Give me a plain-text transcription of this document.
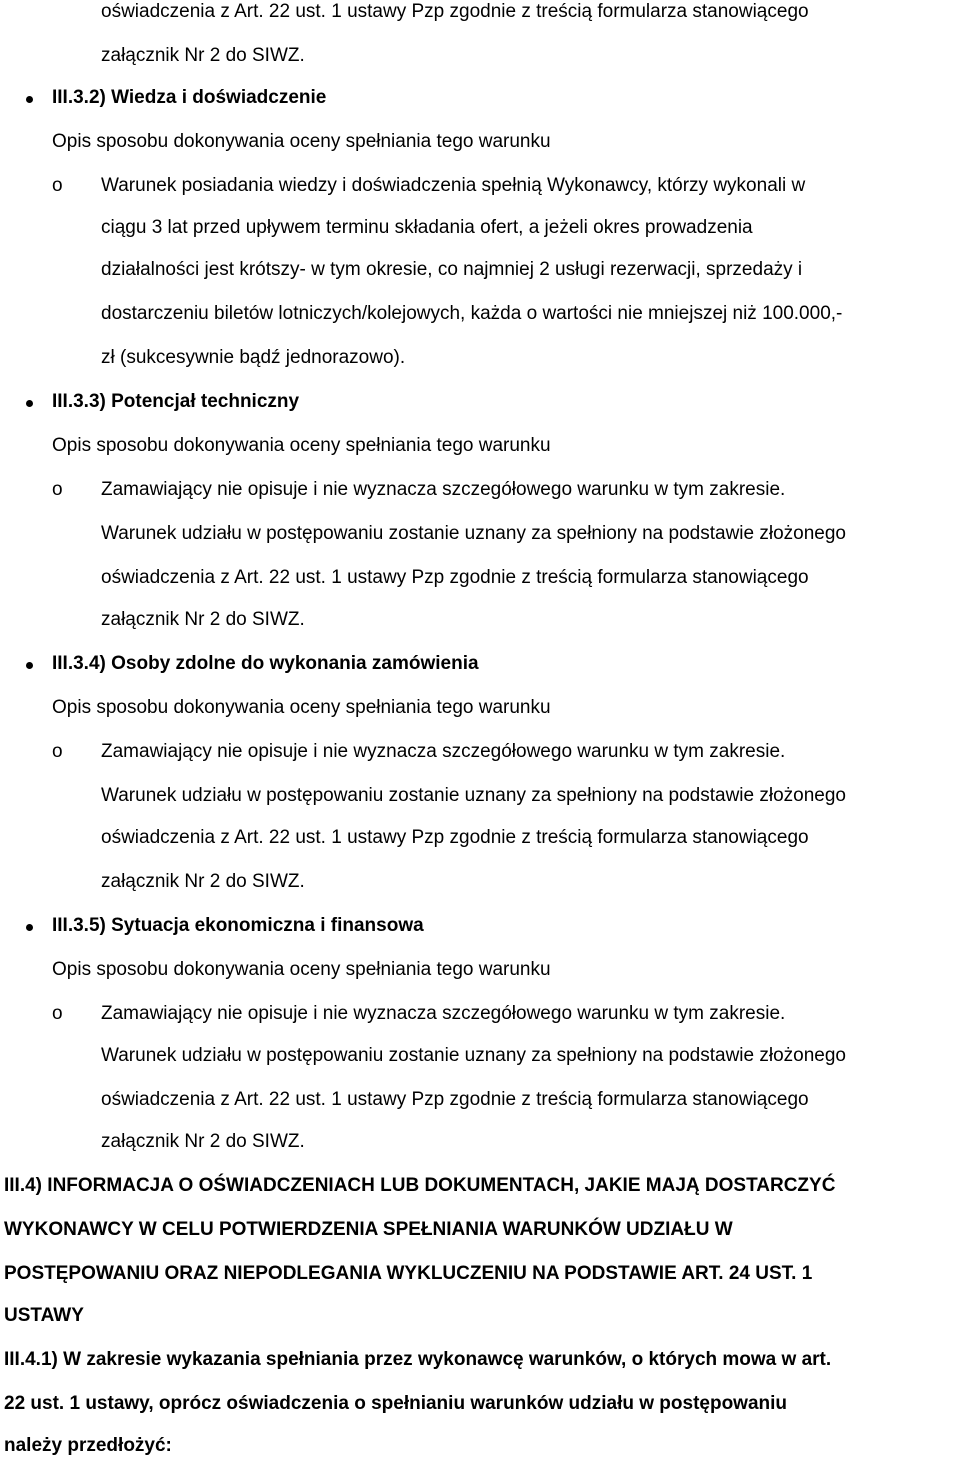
oświadczenia z Art. 22 ust. 1 ustawy Pzp zgodnie z treścią formularza stanowiącego
załącznik Nr 2 do SIWZ.
III.3.2) Wiedza i doświadczenie
Opis sposobu dokonywania oceny spełniania tego warunku
o Warunek posiadania wiedzy i doświadczenia spełnią Wykonawcy, którzy wykonali w
ciągu 3 lat przed upływem terminu składania ofert, a jeżeli okres prowadzenia
działalności jest krótszy- w tym okresie, co najmniej 2 usługi rezerwacji, sprzedaży i
dostarczeniu biletów lotniczych/kolejowych, każda o wartości nie mniejszej niż 100.000,-
zł (sukcesywnie bądź jednorazowo).
III.3.3) Potencjał techniczny
Opis sposobu dokonywania oceny spełniania tego warunku
o Zamawiający nie opisuje i nie wyznacza szczegółowego warunku w tym zakresie.
Warunek udziału w postępowaniu zostanie uznany za spełniony na podstawie złożonego
oświadczenia z Art. 22 ust. 1 ustawy Pzp zgodnie z treścią formularza stanowiącego
załącznik Nr 2 do SIWZ.
III.3.4) Osoby zdolne do wykonania zamówienia
Opis sposobu dokonywania oceny spełniania tego warunku
o Zamawiający nie opisuje i nie wyznacza szczegółowego warunku w tym zakresie.
Warunek udziału w postępowaniu zostanie uznany za spełniony na podstawie złożonego
oświadczenia z Art. 22 ust. 1 ustawy Pzp zgodnie z treścią formularza stanowiącego
załącznik Nr 2 do SIWZ.
III.3.5) Sytuacja ekonomiczna i finansowa
Opis sposobu dokonywania oceny spełniania tego warunku
o Zamawiający nie opisuje i nie wyznacza szczegółowego warunku w tym zakresie.
Warunek udziału w postępowaniu zostanie uznany za spełniony na podstawie złożonego
oświadczenia z Art. 22 ust. 1 ustawy Pzp zgodnie z treścią formularza stanowiącego
załącznik Nr 2 do SIWZ.
III.4) INFORMACJA O OŚWIADCZENIACH LUB DOKUMENTACH, JAKIE MAJĄ DOSTARCZYĆ
WYKONAWCY W CELU POTWIERDZENIA SPEŁNIANIA WARUNKÓW UDZIAŁU W
POSTĘPOWANIU ORAZ NIEPODLEGANIA WYKLUCZENIU NA PODSTAWIE ART. 24 UST. 1
USTAWY
III.4.1) W zakresie wykazania spełniania przez wykonawcę warunków, o których mowa w art.
22 ust. 1 ustawy, oprócz oświadczenia o spełnianiu warunków udziału w postępowaniu
należy przedłożyć:
